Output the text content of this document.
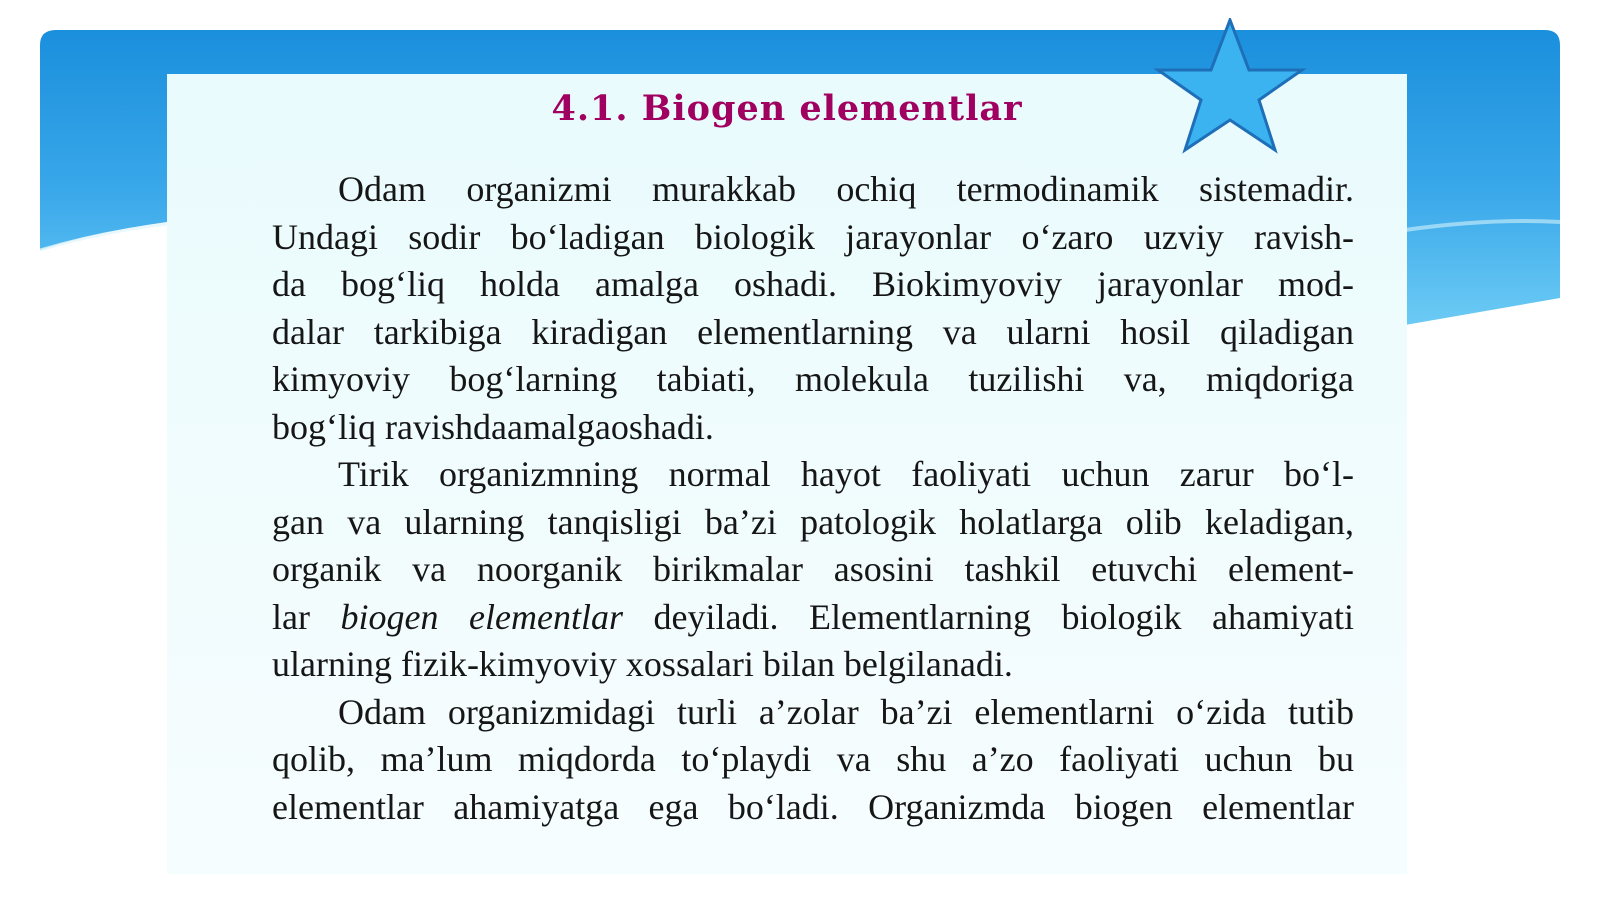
4.1. Biogen elementlar

Odam organizmi murakkab ochiq termodinamik sistemadir.
Undagi sodir bo‘ladigan biologik jarayonlar o‘zaro uzviy ravish-
da bog‘liq holda amalga oshadi. Biokimyoviy jarayonlar mod-
dalar tarkibiga kiradigan elementlarning va ularni hosil qiladigan
kimyoviy bog‘larning tabiati, molekula tuzilishi va, miqdoriga
bog‘liq ravishdaamalgaoshadi.

Tirik organizmning normal hayot faoliyati uchun zarur bo‘l-
gan va ularning tanqisligi ba’zi patologik holatlarga olib keladigan,
organik va noorganik birikmalar asosini tashkil etuvchi element-
lar biogen elementlar deyiladi. Elementlarning biologik ahamiyati
ularning fizik-kimyoviy xossalari bilan belgilanadi.

Odam organizmidagi turli a’zolar ba’zi elementlarni o‘zida tutib
qolib, ma’lum miqdorda to‘playdi va shu a’zo faoliyati uchun bu
elementlar ahamiyatga ega bo‘ladi. Organizmda biogen elementlar
